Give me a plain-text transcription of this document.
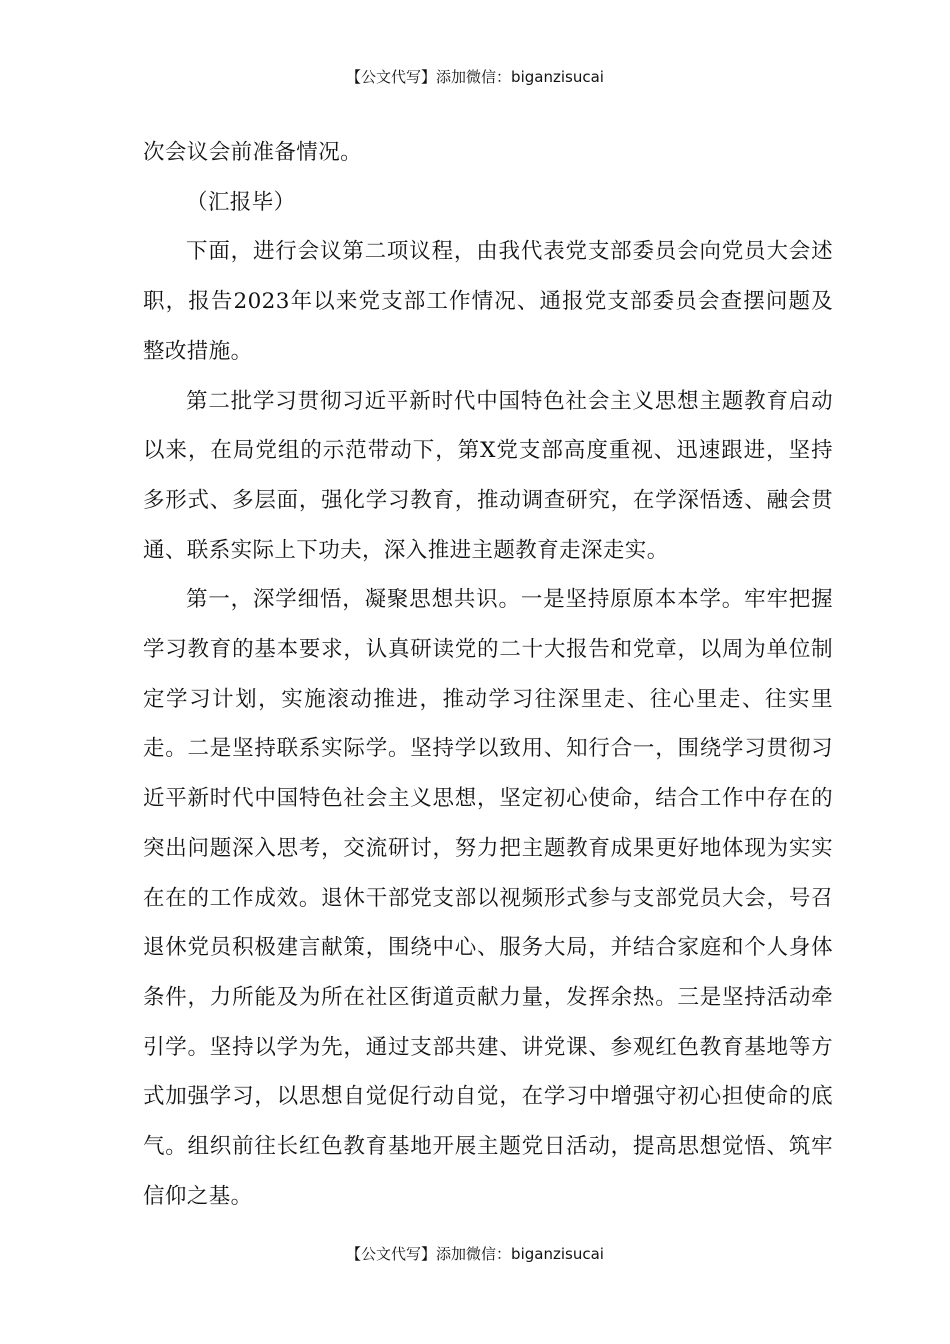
【公文代写】添加微信：biganzisucai

次会议会前准备情况。

（汇报毕）

下面，进行会议第二项议程，由我代表党支部委员会向党员大会述职，报告2023年以来党支部工作情况、通报党支部委员会查摆问题及整改措施。

第二批学习贯彻习近平新时代中国特色社会主义思想主题教育启动以来，在局党组的示范带动下，第X党支部高度重视、迅速跟进，坚持多形式、多层面，强化学习教育，推动调查研究，在学深悟透、融会贯通、联系实际上下功夫，深入推进主题教育走深走实。

第一，深学细悟，凝聚思想共识。一是坚持原原本本学。牢牢把握学习教育的基本要求，认真研读党的二十大报告和党章，以周为单位制定学习计划，实施滚动推进，推动学习往深里走、往心里走、往实里走。二是坚持联系实际学。坚持学以致用、知行合一，围绕学习贯彻习近平新时代中国特色社会主义思想，坚定初心使命，结合工作中存在的突出问题深入思考，交流研讨，努力把主题教育成果更好地体现为实实在在的工作成效。退休干部党支部以视频形式参与支部党员大会，号召退休党员积极建言献策，围绕中心、服务大局，并结合家庭和个人身体条件，力所能及为所在社区街道贡献力量，发挥余热。三是坚持活动牵引学。坚持以学为先，通过支部共建、讲党课、参观红色教育基地等方式加强学习，以思想自觉促行动自觉，在学习中增强守初心担使命的底气。组织前往长红色教育基地开展主题党日活动，提高思想觉悟、筑牢信仰之基。

【公文代写】添加微信：biganzisucai
